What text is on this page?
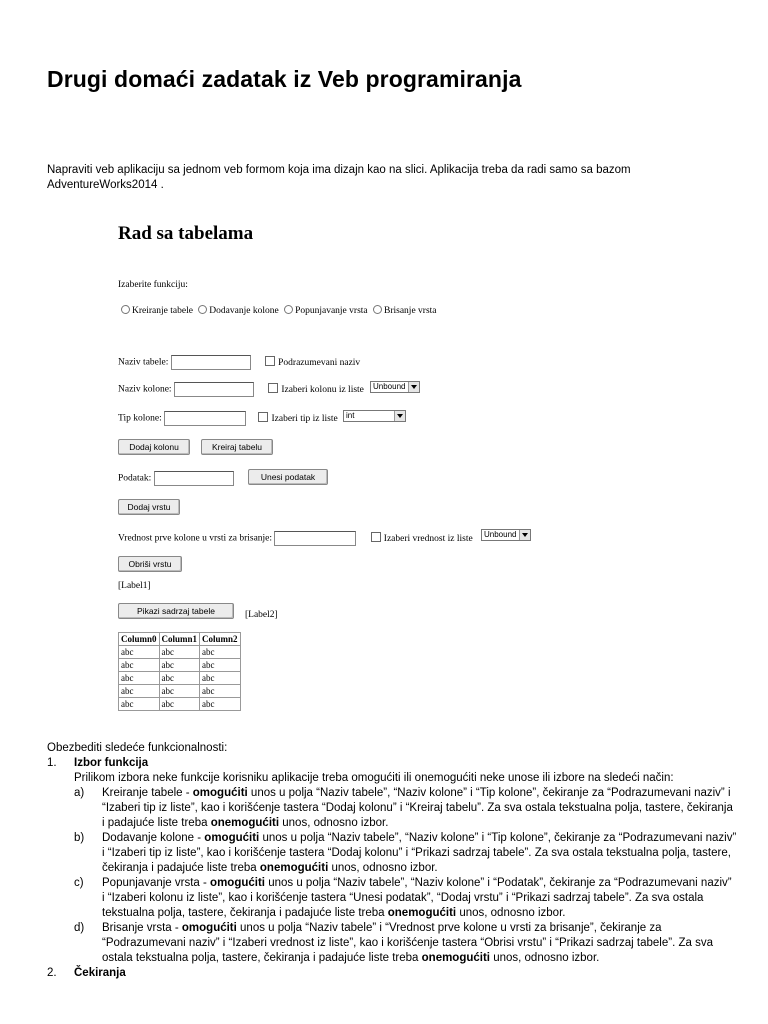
Drugi domaći zadatak iz Veb programiranja
Napraviti veb aplikaciju sa jednom veb formom koja ima dizajn kao na slici. Aplikacija treba da radi samo sa bazom AdventureWorks2014 .
Rad sa tabelama
Izaberite funkciju:
Kreiranje tabele Dodavanje kolone Popunjavanje vrsta Brisanje vrsta
Naziv tabele:	Podrazumevani naziv
Naziv kolone:	Izaberi kolonu iz liste	Unbound
Tip kolone:	Izaberi tip iz liste	int
Dodaj kolonu	Kreiraj tabelu
Podatak:	Unesi podatak
Dodaj vrstu
Vrednost prve kolone u vrsti za brisanje:	Izaberi vrednost iz liste	Unbound
Obriši vrstu
[Label1]
Pikazi sadrzaj tabele	[Label2]
Column0	Column1	Column2
abc	abc	abc
abc	abc	abc
abc	abc	abc
abc	abc	abc
abc	abc	abc

Obezbediti sledeće funkcionalnosti:

1. Izbor funkcija

Prilikom izbora neke funkcije korisniku aplikacije treba omogućiti ili onemogućiti neke unose ili izbore na sledeći način:

a) Kreiranje tabele - omogućiti unos u polja “Naziv tabele”, “Naziv kolone” i “Tip kolone”, čekiranje za “Podrazumevani naziv” i “Izaberi tip iz liste”, kao i korišćenje tastera “Dodaj kolonu” i “Kreiraj tabelu”. Za sva ostala tekstualna polja, tastere, čekiranja i padajuće liste treba onemogućiti unos, odnosno izbor.

b) Dodavanje kolone - omogućiti unos u polja “Naziv tabele”, “Naziv kolone” i “Tip kolone”, čekiranje za “Podrazumevani naziv” i “Izaberi tip iz liste”, kao i korišćenje tastera “Dodaj kolonu” i “Prikazi sadrzaj tabele”. Za sva ostala tekstualna polja, tastere, čekiranja i padajuće liste treba onemogućiti unos, odnosno izbor.

c) Popunjavanje vrsta - omogućiti unos u polja “Naziv tabele”, “Naziv kolone” i “Podatak”, čekiranje za “Podrazumevani naziv” i “Izaberi kolonu iz liste”, kao i korišćenje tastera “Unesi podatak”, “Dodaj vrstu” i “Prikazi sadrzaj tabele”. Za sva ostala tekstualna polja, tastere, čekiranja i padajuće liste treba onemogućiti unos, odnosno izbor.

d) Brisanje vrsta - omogućiti unos u polja “Naziv tabele” i “Vrednost prve kolone u vrsti za brisanje”, čekiranje za “Podrazumevani naziv” i “Izaberi vrednost iz liste”, kao i korišćenje tastera “Obrisi vrstu” i “Prikazi sadrzaj tabele”. Za sva ostala tekstualna polja, tastere, čekiranja i padajuće liste treba onemogućiti unos, odnosno izbor.

2. Čekiranja
